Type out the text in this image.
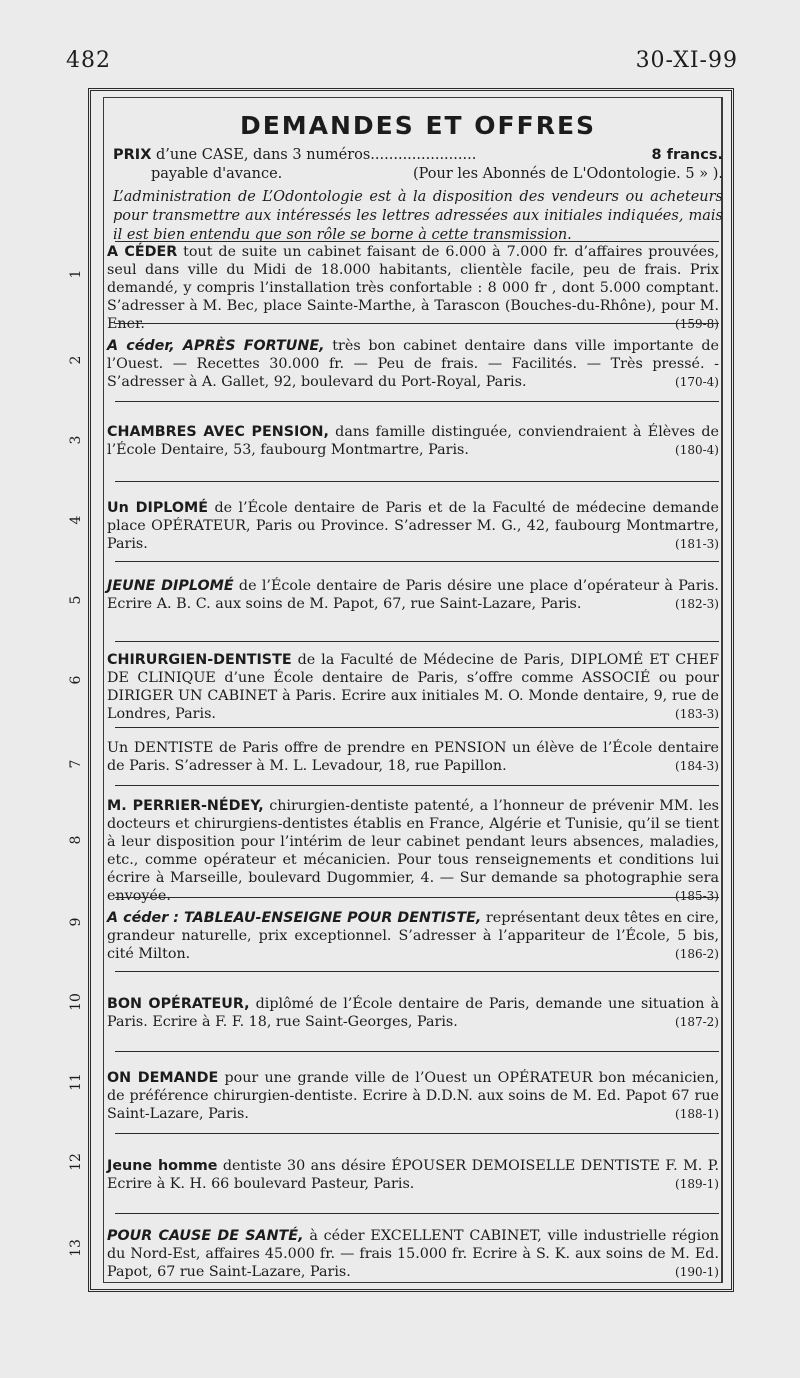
482	30-XI-99
1
2
3
4
5
6
7
8
9
10
11
12
13
DEMANDES ET OFFRES
PRIX d’une CASE, dans 3 numéros.......................	8 francs.
payable d'avance.	(Pour les Abonnés de L'Odontologie. 5 » ).
L’administration de L’Odontologie est à la disposition des vendeurs ou acheteurs pour transmettre aux intéressés les lettres adressées aux initiales indiquées, mais il est bien entendu que son rôle se borne à cette transmission.
A CÉDER tout de suite un cabinet faisant de 6.000 à 7.000 fr. d’affaires prouvées, seul dans ville du Midi de 18.000 habitants, clientèle facile, peu de frais. Prix demandé, y compris l’installation très confortable : 8 000 fr , dont 5.000 comptant. S’adresser à M. Bec, place Sainte-Marthe, à Tarascon (Bouches-du-Rhône), pour M. Ener.	(159-8)
A céder, APRÈS FORTUNE, très bon cabinet dentaire dans ville importante de l’Ouest. — Recettes 30.000 fr. — Peu de frais. — Facilités. — Très pressé. - S’adresser à A. Gallet, 92, boulevard du Port-Royal, Paris.	(170-4)
CHAMBRES AVEC PENSION, dans famille distinguée, conviendraient à Élèves de l’École Dentaire, 53, faubourg Montmartre, Paris.	(180-4)
Un DIPLOMÉ de l’École dentaire de Paris et de la Faculté de médecine demande place OPÉRATEUR, Paris ou Province. S’adresser M. G., 42, faubourg Montmartre, Paris.	(181-3)
JEUNE DIPLOMÉ de l’École dentaire de Paris désire une place d’opérateur à Paris. Ecrire A. B. C. aux soins de M. Papot, 67, rue Saint-Lazare, Paris.	(182-3)
CHIRURGIEN-DENTISTE de la Faculté de Médecine de Paris, DIPLOMÉ ET CHEF DE CLINIQUE d’une École dentaire de Paris, s’offre comme ASSOCIÉ ou pour DIRIGER UN CABINET à Paris. Ecrire aux initiales M. O. Monde dentaire, 9, rue de Londres, Paris.	(183-3)
Un DENTISTE de Paris offre de prendre en PENSION un élève de l’École dentaire de Paris. S’adresser à M. L. Levadour, 18, rue Papillon.	(184-3)
M. PERRIER-NÉDEY, chirurgien-dentiste patenté, a l’honneur de prévenir MM. les docteurs et chirurgiens-dentistes établis en France, Algérie et Tunisie, qu’il se tient à leur disposition pour l’intérim de leur cabinet pendant leurs absences, maladies, etc., comme opérateur et mécanicien. Pour tous renseignements et conditions lui écrire à Marseille, boulevard Dugommier, 4. — Sur demande sa photographie sera envoyée.	(185-3)
A céder : TABLEAU-ENSEIGNE POUR DENTISTE, représentant deux têtes en cire, grandeur naturelle, prix exceptionnel. S’adresser à l’appariteur de l’École, 5 bis, cité Milton.	(186-2)
BON OPÉRATEUR, diplômé de l’École dentaire de Paris, demande une situation à Paris. Ecrire à F. F. 18, rue Saint-Georges, Paris.	(187-2)
ON DEMANDE pour une grande ville de l’Ouest un OPÉRATEUR bon mécanicien, de préférence chirurgien-dentiste. Ecrire à D.D.N. aux soins de M. Ed. Papot 67 rue Saint-Lazare, Paris.	(188-1)
Jeune homme dentiste 30 ans désire ÉPOUSER DEMOISELLE DENTISTE F. M. P. Ecrire à K. H. 66 boulevard Pasteur, Paris.	(189-1)
POUR CAUSE DE SANTÉ, à céder EXCELLENT CABINET, ville industrielle région du Nord-Est, affaires 45.000 fr. — frais 15.000 fr. Ecrire à S. K. aux soins de M. Ed. Papot, 67 rue Saint-Lazare, Paris.	(190-1)
